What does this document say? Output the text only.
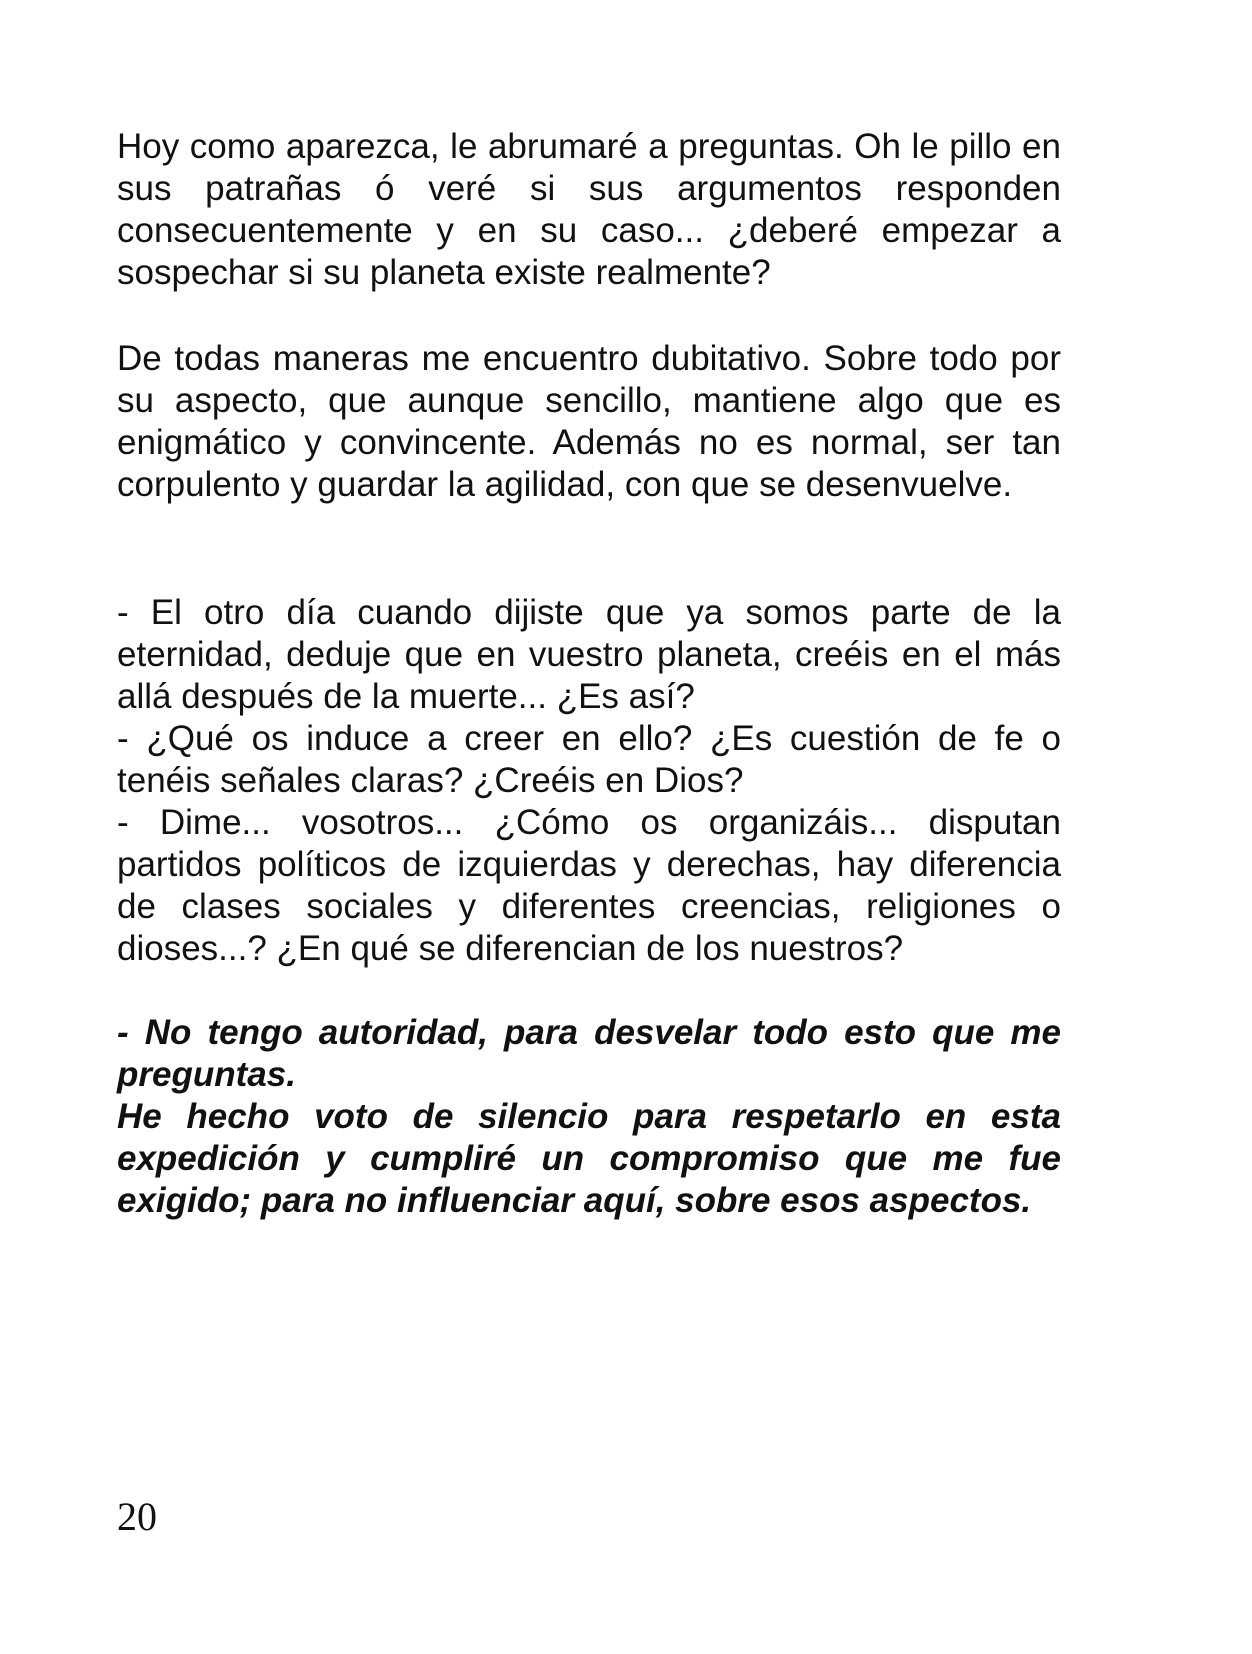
Hoy como aparezca, le abrumaré a preguntas. Oh le pillo en sus patrañas ó veré si sus argumentos responden consecuentemente y en su caso... ¿deberé empezar a sospechar si su planeta existe realmente?

De todas maneras me encuentro dubitativo. Sobre todo por su aspecto, que aunque sencillo, mantiene algo que es enigmático y convincente. Además no es normal, ser tan corpulento y guardar la agilidad, con que se desenvuelve.

- El otro día cuando dijiste que ya somos parte de la eternidad, deduje que en vuestro planeta, creéis en el más allá después de la muerte... ¿Es así?

- ¿Qué os induce a creer en ello? ¿Es cuestión de fe o tenéis señales claras? ¿Creéis en Dios?

- Dime... vosotros... ¿Cómo os organizáis... disputan partidos políticos de izquierdas y derechas, hay diferencia de clases sociales y diferentes creencias, religiones o dioses...? ¿En qué se diferencian de los nuestros?

- No tengo autoridad, para desvelar todo esto que me preguntas.

He hecho voto de silencio para respetarlo en esta expedición y cumpliré un compromiso que me fue exigido; para no influenciar aquí, sobre esos aspectos.

20
